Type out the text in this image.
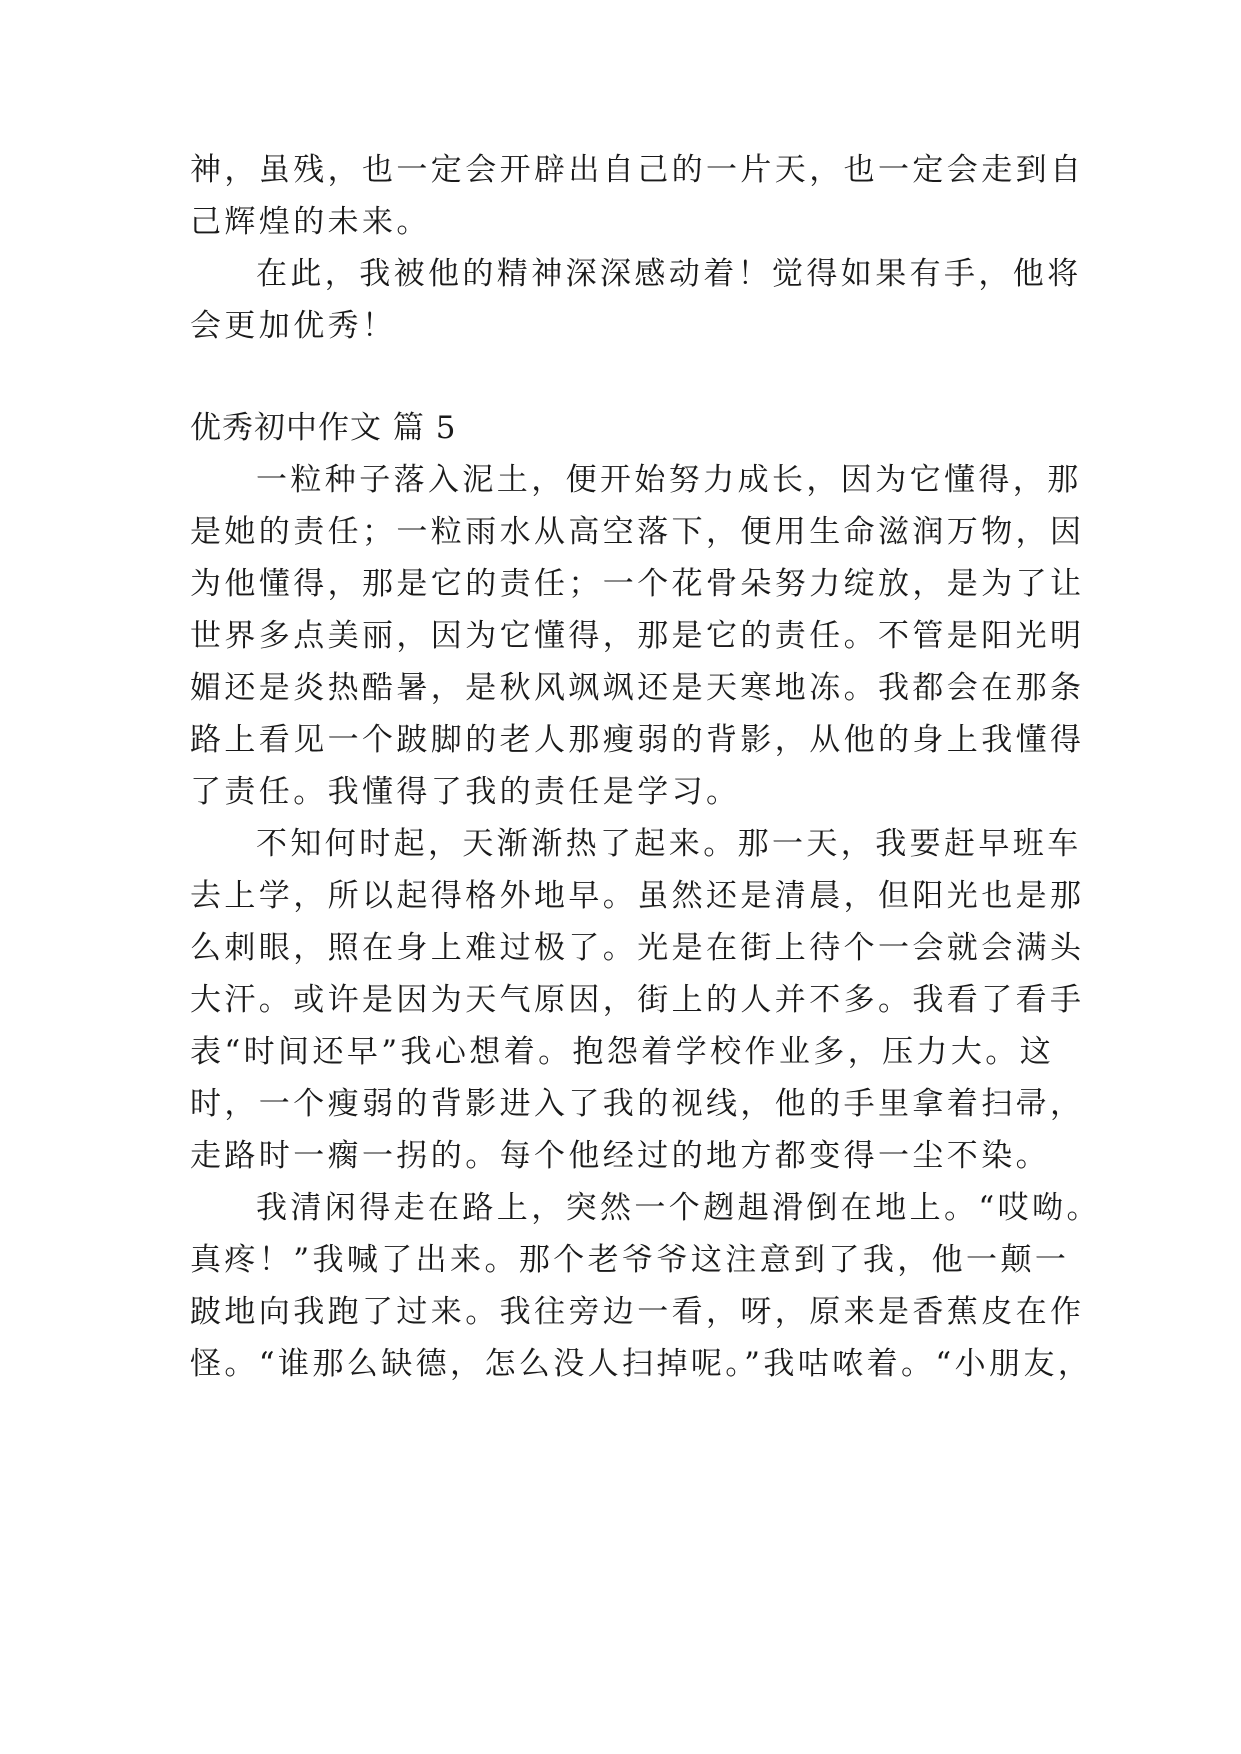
神，虽残，也一定会开辟出自己的一片天，也一定会走到自
己辉煌的未来。
在此，我被他的精神深深感动着！觉得如果有手，他将
会更加优秀！
优秀初中作文 篇 5
一粒种子落入泥土，便开始努力成长，因为它懂得，那
是她的责任；一粒雨水从高空落下，便用生命滋润万物，因
为他懂得，那是它的责任；一个花骨朵努力绽放，是为了让
世界多点美丽，因为它懂得，那是它的责任。不管是阳光明
媚还是炎热酷暑，是秋风飒飒还是天寒地冻。我都会在那条
路上看见一个跛脚的老人那瘦弱的背影，从他的身上我懂得
了责任。我懂得了我的责任是学习。
不知何时起，天渐渐热了起来。那一天，我要赶早班车
去上学，所以起得格外地早。虽然还是清晨，但阳光也是那
么刺眼，照在身上难过极了。光是在街上待个一会就会满头
大汗。或许是因为天气原因，街上的人并不多。我看了看手
表“时间还早”我心想着。抱怨着学校作业多，压力大。这
时，一个瘦弱的背影进入了我的视线，他的手里拿着扫帚，
走路时一瘸一拐的。每个他经过的地方都变得一尘不染。
我清闲得走在路上，突然一个趔趄滑倒在地上。“哎呦。
真疼！”我喊了出来。那个老爷爷这注意到了我，他一颠一
跛地向我跑了过来。我往旁边一看，呀，原来是香蕉皮在作
怪。“谁那么缺德，怎么没人扫掉呢。”我咕哝着。“小朋友，
